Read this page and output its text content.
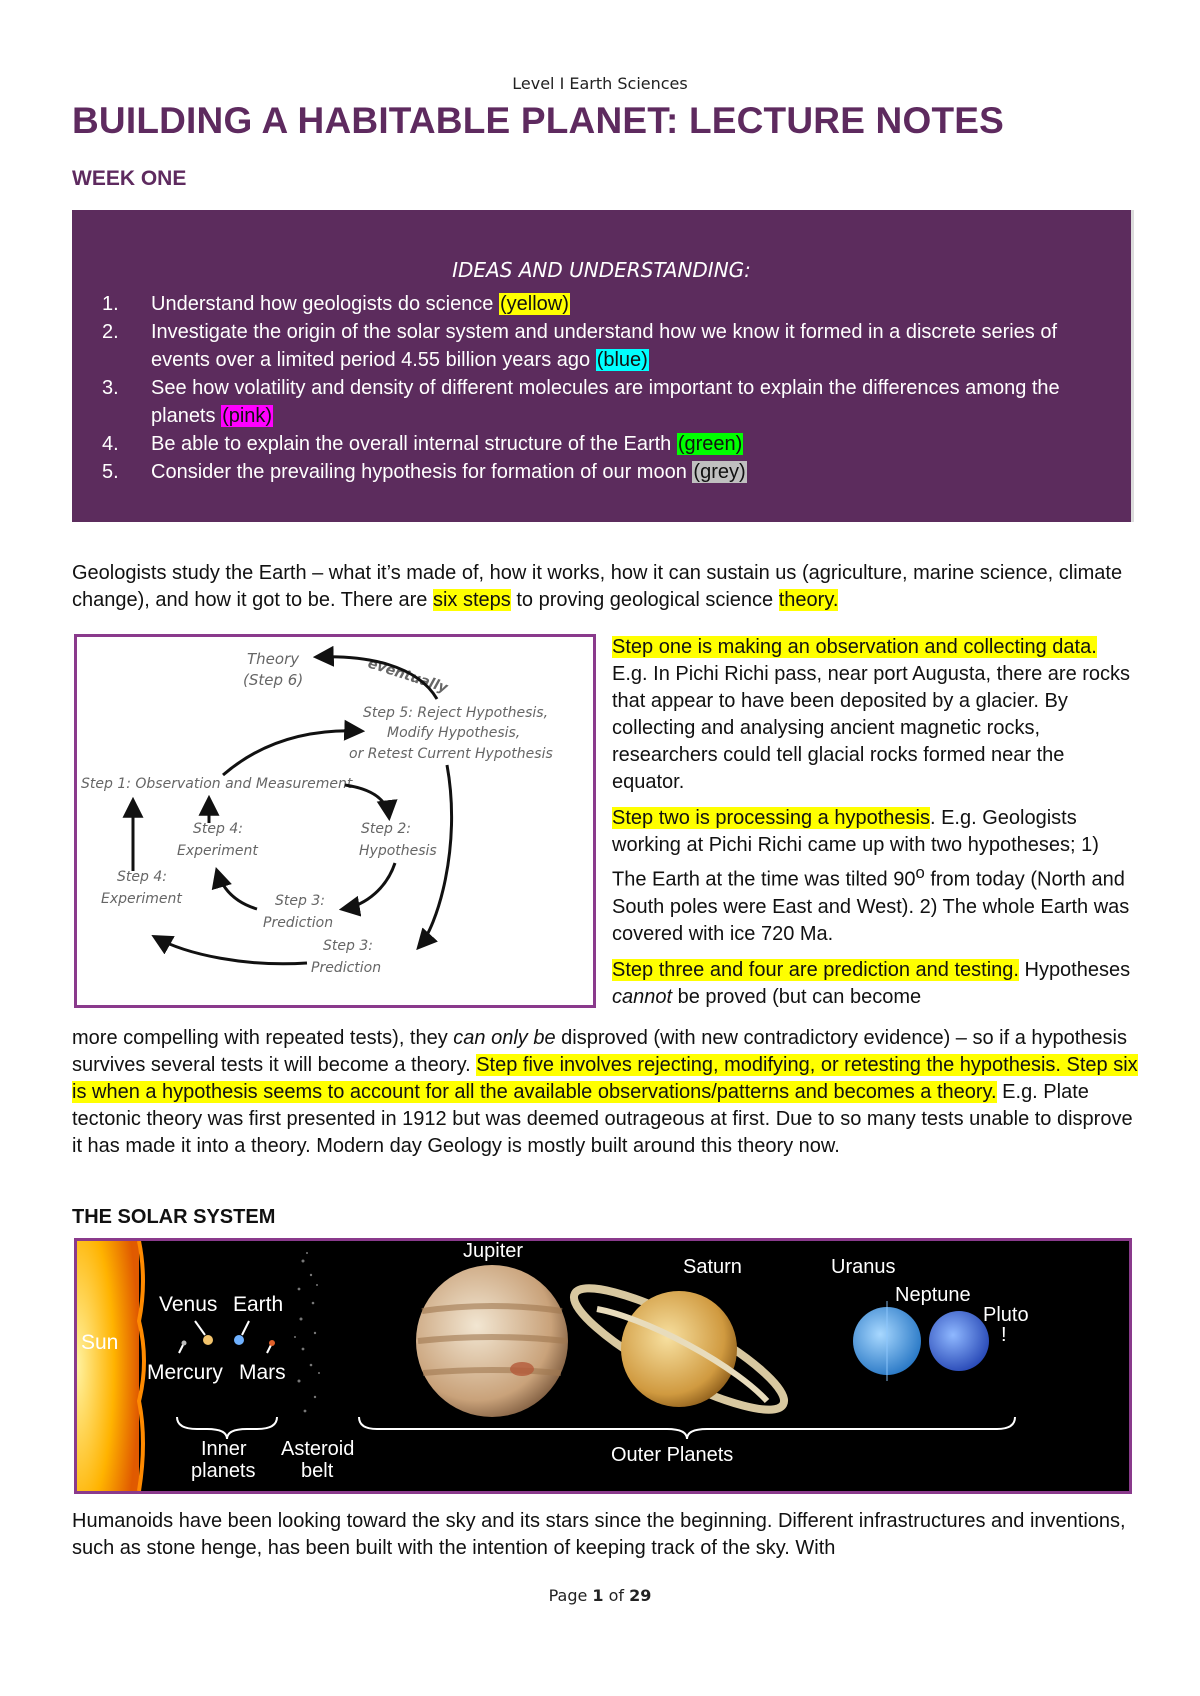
Level I Earth Sciences
BUILDING A HABITABLE PLANET: LECTURE NOTES
WEEK ONE
IDEAS AND UNDERSTANDING:
1. Understand how geologists do science (yellow)
2. Investigate the origin of the solar system and understand how we know it formed in a discrete series of events over a limited period 4.55 billion years ago (blue)
3. See how volatility and density of different molecules are important to explain the differences among the planets (pink)
4. Be able to explain the overall internal structure of the Earth (green)
5. Consider the prevailing hypothesis for formation of our moon (grey)

Geologists study the Earth – what it’s made of, how it works, how it can sustain us (agriculture, marine science, climate change), and how it got to be. There are six steps to proving geological science theory.

Theory
(Step 6)	eventually
Step 5: Reject Hypothesis,
Modify Hypothesis,
or Retest Current Hypothesis
Step 1: Observation and Measurement
Step 4:
Experiment
Step 2:
Hypothesis
Step 4:
Experiment	Step 3:
Prediction
Step 3:
Prediction

Step one is making an observation and collecting data. E.g. In Pichi Richi pass, near port Augusta, there are rocks that appear to have been deposited by a glacier. By collecting and analysing ancient magnetic rocks, researchers could tell glacial rocks formed near the equator.

Step two is processing a hypothesis. E.g. Geologists working at Pichi Richi came up with two hypotheses; 1) The Earth at the time was tilted 90$^o$ from today (North and South poles were East and West). 2) The whole Earth was covered with ice 720 Ma.

Step three and four are prediction and testing. Hypotheses cannot be proved (but can become

more compelling with repeated tests), they can only be disproved (with new contradictory evidence) – so if a hypothesis survives several tests it will become a theory. Step five involves rejecting, modifying, or retesting the hypothesis. Step six is when a hypothesis seems to account for all the available observations/patterns and becomes a theory. E.g. Plate tectonic theory was first presented in 1912 but was deemed outrageous at first. Due to so many tests unable to disprove it has made it into a theory. Modern day Geology is mostly built around this theory now.

THE SOLAR SYSTEM
Sun
Venus Earth
Mercury Mars
Jupiter
Saturn	Uranus
Neptune
Pluto
!
Inner
planets
Asteroid
belt
Outer Planets

Humanoids have been looking toward the sky and its stars since the beginning. Different infrastructures and inventions, such as stone henge, has been built with the intention of keeping track of the sky. With

Page 1 of 29
